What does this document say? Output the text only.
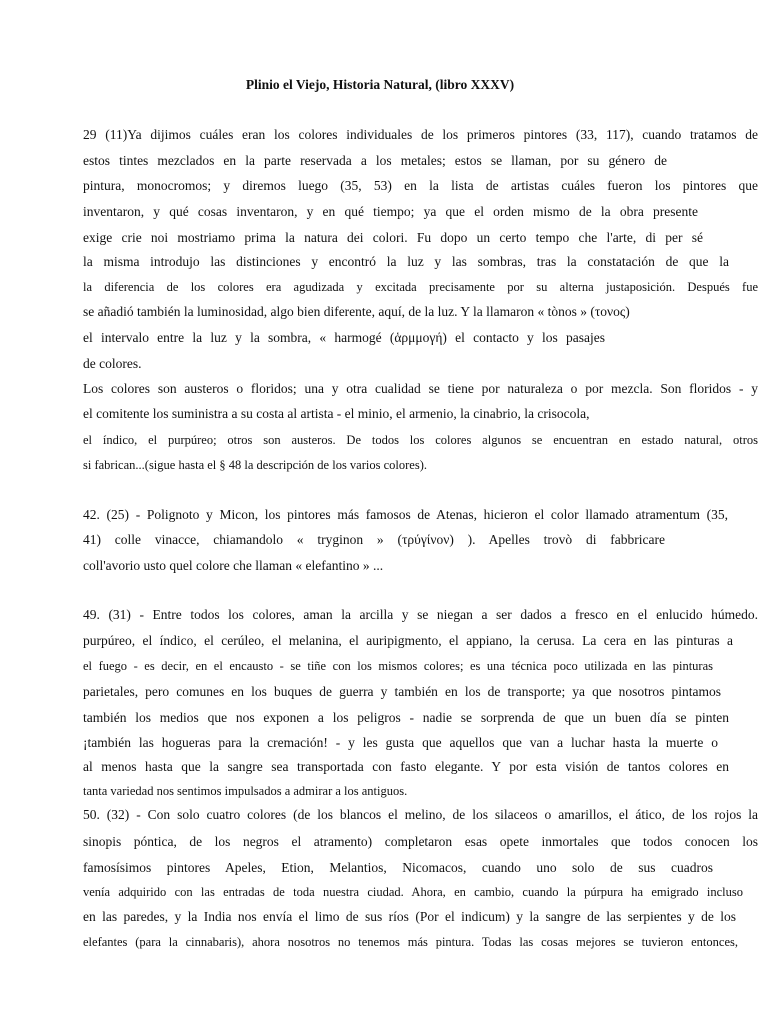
Plinio el Viejo, Historia Natural, (libro XXXV)
29 (11)Ya dijimos cuáles eran los colores individuales de los primeros pintores (33, 117), cuando tratamos de
estos tintes mezclados en la parte reservada a los metales; estos se llaman, por su género de
pintura, monocromos; y diremos luego (35, 53) en la lista de artistas cuáles fueron los pintores que
inventaron, y qué cosas inventaron, y en qué tiempo; ya que el orden mismo de la obra presente
exige crie noi mostriamo prima la natura dei colori. Fu dopo un certo tempo che l'arte, di per sé
la misma introdujo las distinciones y encontró la luz y las sombras, tras la constatación de que la
la diferencia de los colores era agudizada y excitada precisamente por su alterna justaposición. Después fue
se añadió también la luminosidad, algo bien diferente, aquí, de la luz. Y la llamaron « tònos » (τονος)
el intervalo entre la luz y la sombra, « harmogé (ἁρμμογή) el contacto y los pasajes
de colores.
Los colores son austeros o floridos; una y otra cualidad se tiene por naturaleza o por mezcla. Son floridos - y
el comitente los suministra a su costa al artista - el minio, el armenio, la cinabrio, la crisocola,
el índico, el purpúreo; otros son austeros. De todos los colores algunos se encuentran en estado natural, otros
si fabrican...(sigue hasta el § 48 la descripción de los varios colores).
42. (25) - Polignoto y Micon, los pintores más famosos de Atenas, hicieron el color llamado atramentum (35,
41) colle vinacce, chiamandolo « tryginon » (τρύγίνον) ). Apelles trovò di fabbricare
coll'avorio usto quel colore che llaman « elefantino » ...
49. (31) - Entre todos los colores, aman la arcilla y se niegan a ser dados a fresco en el enlucido húmedo.
purpúreo, el índico, el cerúleo, el melanina, el auripigmento, el appiano, la cerusa. La cera en las pinturas a
el fuego - es decir, en el encausto - se tiñe con los mismos colores; es una técnica poco utilizada en las pinturas
parietales, pero comunes en los buques de guerra y también en los de transporte; ya que nosotros pintamos
también los medios que nos exponen a los peligros - nadie se sorprenda de que un buen día se pinten
¡también las hogueras para la cremación! - y les gusta que aquellos que van a luchar hasta la muerte o
al menos hasta que la sangre sea transportada con fasto elegante. Y por esta visión de tantos colores en
tanta variedad nos sentimos impulsados a admirar a los antiguos.
50. (32) - Con solo cuatro colores (de los blancos el melino, de los silaceos o amarillos, el ático, de los rojos la
sinopis póntica, de los negros el atramento) completaron esas opete inmortales que todos conocen los
famosísimos pintores Apeles, Etion, Melantios, Nicomacos, cuando uno solo de sus cuadros
venía adquirido con las entradas de toda nuestra ciudad. Ahora, en cambio, cuando la púrpura ha emigrado incluso
en las paredes, y la India nos envía el limo de sus ríos (Por el indicum) y la sangre de las serpientes y de los
elefantes (para la cinnabaris), ahora nosotros no tenemos más pintura. Todas las cosas mejores se tuvieron entonces,
